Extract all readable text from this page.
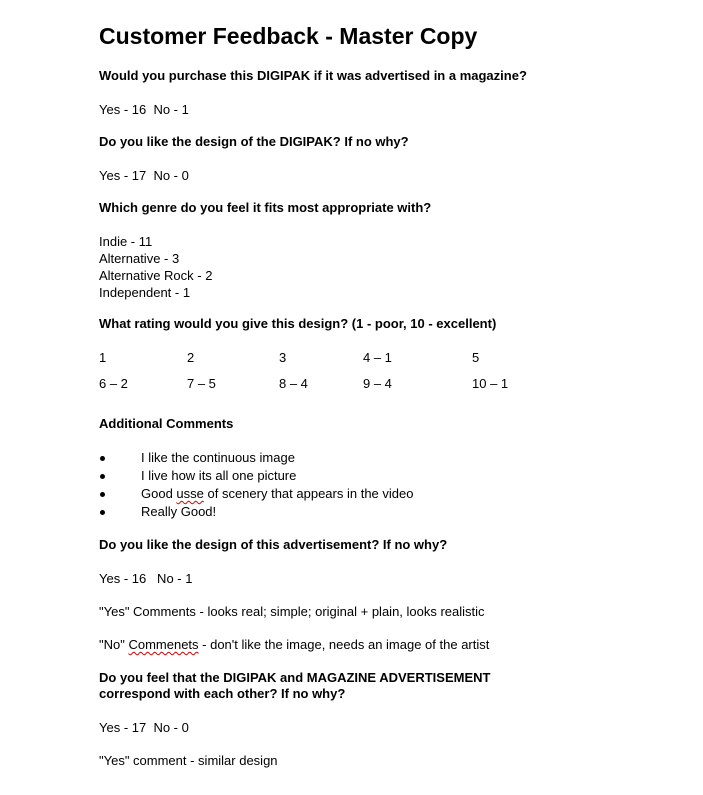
Customer Feedback - Master Copy
Would you purchase this DIGIPAK if it was advertised in a magazine?
Yes - 16  No - 1
Do you like the design of the DIGIPAK? If no why?
Yes - 17  No - 0
Which genre do you feel it fits most appropriate with?
Indie - 11
Alternative - 3
Alternative Rock - 2
Independent - 1
What rating would you give this design? (1 - poor, 10 - excellent)
1	2	3	4 – 1	5
6 – 2	7 – 5	8 – 4	9 – 4	10 – 1
Additional Comments
I like the continuous image
I live how its all one picture
Good usse of scenery that appears in the video
Really Good!
Do you like the design of this advertisement? If no why?
Yes - 16   No - 1
"Yes" Comments - looks real; simple; original + plain, looks realistic
"No" Commenets - don't like the image, needs an image of the artist
Do you feel that the DIGIPAK and MAGAZINE ADVERTISEMENT
correspond with each other? If no why?
Yes - 17  No - 0
"Yes" comment - similar design
